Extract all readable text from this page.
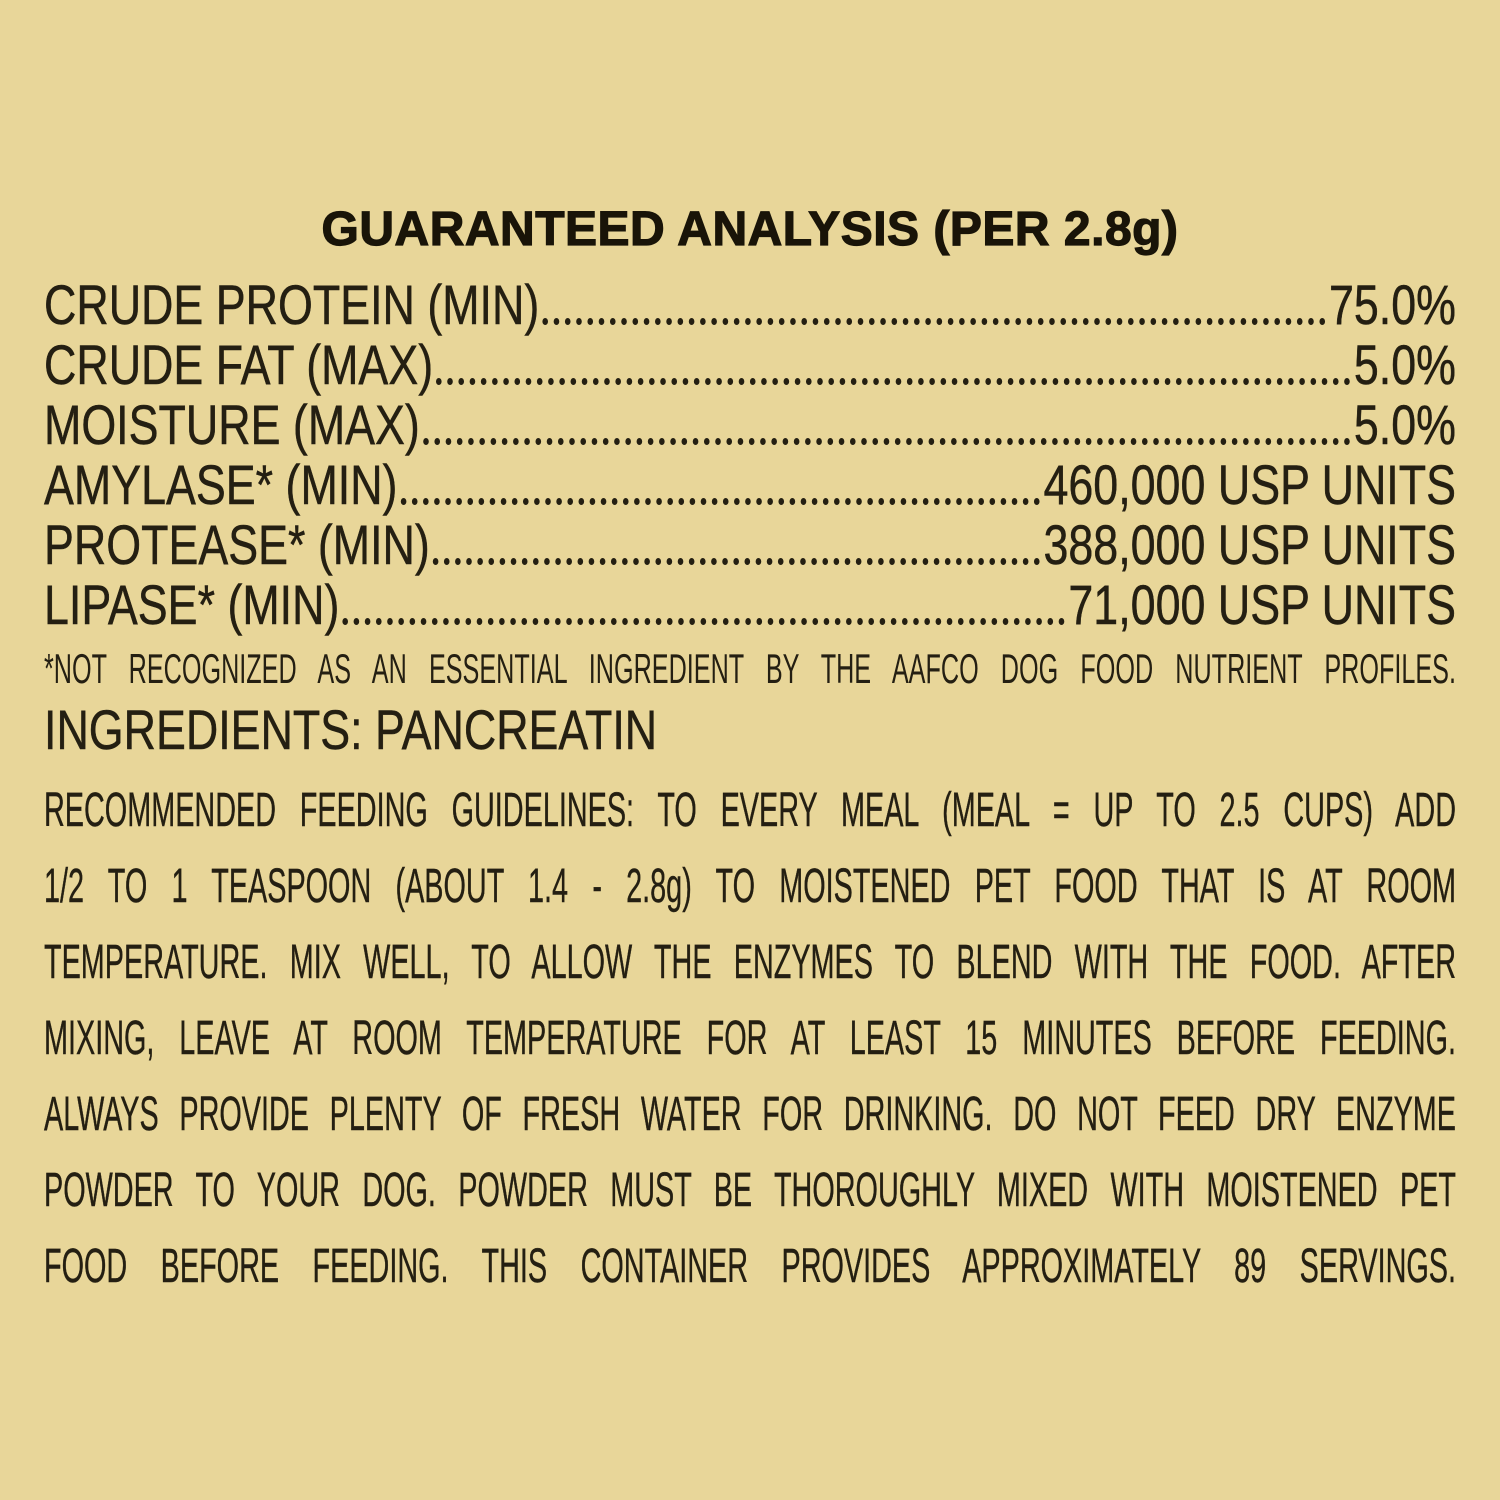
GUARANTEED ANALYSIS (PER 2.8g)
CRUDE PROTEIN (MIN)	75.0%
CRUDE FAT (MAX)	5.0%
MOISTURE (MAX)	5.0%
AMYLASE* (MIN)	460,000 USP UNITS
PROTEASE* (MIN)	388,000 USP UNITS
LIPASE* (MIN)	71,000 USP UNITS
*NOT RECOGNIZED AS AN ESSENTIAL INGREDIENT BY THE AAFCO DOG FOOD NUTRIENT PROFILES.
INGREDIENTS: PANCREATIN
RECOMMENDED FEEDING GUIDELINES: TO EVERY MEAL (MEAL = UP TO 2.5 CUPS) ADD
1/2 TO 1 TEASPOON (ABOUT 1.4 - 2.8g) TO MOISTENED PET FOOD THAT IS AT ROOM
TEMPERATURE. MIX WELL, TO ALLOW THE ENZYMES TO BLEND WITH THE FOOD. AFTER
MIXING, LEAVE AT ROOM TEMPERATURE FOR AT LEAST 15 MINUTES BEFORE FEEDING.
ALWAYS PROVIDE PLENTY OF FRESH WATER FOR DRINKING. DO NOT FEED DRY ENZYME
POWDER TO YOUR DOG. POWDER MUST BE THOROUGHLY MIXED WITH MOISTENED PET
FOOD BEFORE FEEDING. THIS CONTAINER PROVIDES APPROXIMATELY 89 SERVINGS.
